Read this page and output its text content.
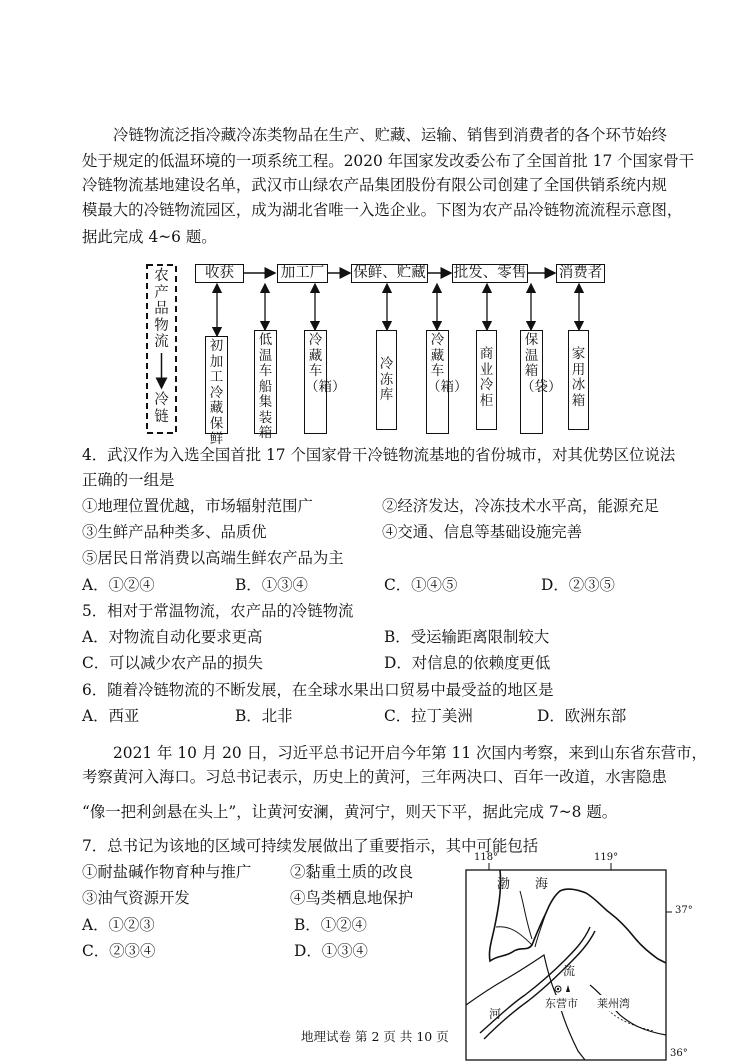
冷链物流泛指冷藏冷冻类物品在生产、贮藏、运输、销售到消费者的各个环节始终
处于规定的低温环境的一项系统工程。2020 年国家发改委公布了全国首批 17 个国家骨干
冷链物流基地建设名单，武汉市山绿农产品集团股份有限公司创建了全国供销系统内规
模最大的冷链物流园区，成为湖北省唯一入选企业。下图为农产品冷链物流流程示意图，
据此完成 4~6 题。
农产品物流
冷链
收获	加工厂 保鲜、贮藏 批发、零售 消费者
初加工冷藏保鲜
低温车船集装箱
冷藏车（箱）
冷冻库
冷藏车（箱）
商业冷柜
保温箱（袋）
家用冰箱
4．武汉作为入选全国首批 17 个国家骨干冷链物流基地的省份城市，对其优势区位说法
正确的一组是
①地理位置优越，市场辐射范围广	②经济发达，冷冻技术水平高，能源充足
③生鲜产品种类多、品质优	④交通、信息等基础设施完善
⑤居民日常消费以高端生鲜农产品为主
A．①②④	B．①③④	C．①④⑤	D．②③⑤
5．相对于常温物流，农产品的冷链物流
A．对物流自动化要求更高	B．受运输距离限制较大
C．可以减少农产品的损失	D．对信息的依赖度更低
6．随着冷链物流的不断发展，在全球水果出口贸易中最受益的地区是
A．西亚	B．北非	C．拉丁美洲	D．欧洲东部
2021 年 10 月 20 日，习近平总书记开启今年第 11 次国内考察，来到山东省东营市，
考察黄河入海口。习总书记表示，历史上的黄河，三年两决口、百年一改道，水害隐患
“像一把利剑悬在头上”，让黄河安澜，黄河宁，则天下平，据此完成 7~8 题。
7．总书记为该地的区域可持续发展做出了重要指示，其中可能包括
①耐盐碱作物育种与推广	②黏重土质的改良
③油气资源开发	④鸟类栖息地保护
A．①②③	B．①②④
C．②③④	D．①③④
118°	119°
37°
36°
渤 海
流
河
东营市 莱州湾
地理试卷 第 2 页 共 10 页
